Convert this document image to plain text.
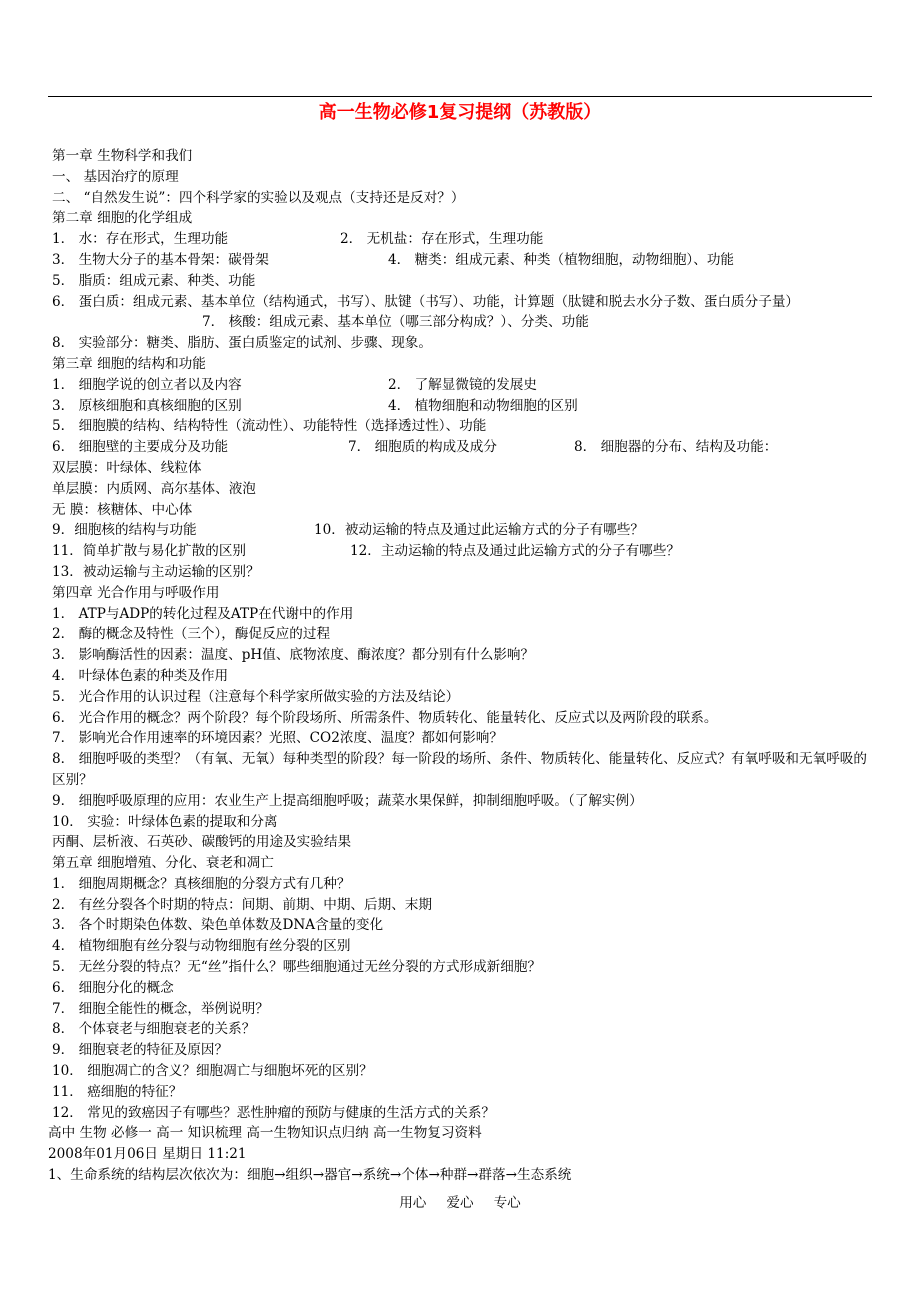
高一生物必修1复习提纲（苏教版）
第一章 生物科学和我们
一、 基因治疗的原理
二、 “自然发生说”：四个科学家的实验以及观点（支持还是反对？）
第二章 细胞的化学组成
1． 水：存在形式，生理功能	2． 无机盐：存在形式，生理功能
3． 生物大分子的基本骨架：碳骨架	4． 糖类：组成元素、种类（植物细胞，动物细胞）、功能
5． 脂质：组成元素、种类、功能
6． 蛋白质：组成元素、基本单位（结构通式，书写）、肽键（书写）、功能，计算题（肽键和脱去水分子数、蛋白质分子量）7． 核酸：组成元素、基本单位（哪三部分构成？）、分类、功能
8． 实验部分：糖类、脂肪、蛋白质鉴定的试剂、步骤、现象。
第三章 细胞的结构和功能
1． 细胞学说的创立者以及内容	2． 了解显微镜的发展史
3． 原核细胞和真核细胞的区别	4． 植物细胞和动物细胞的区别
5． 细胞膜的结构、结构特性（流动性）、功能特性（选择透过性）、功能
6． 细胞壁的主要成分及功能	7． 细胞质的构成及成分	8． 细胞器的分布、结构及功能：
双层膜：叶绿体、线粒体
单层膜：内质网、高尔基体、液泡
无 膜：核糖体、中心体
9．细胞核的结构与功能	10．被动运输的特点及通过此运输方式的分子有哪些？
11．简单扩散与易化扩散的区别	12．主动运输的特点及通过此运输方式的分子有哪些？
13．被动运输与主动运输的区别？
第四章 光合作用与呼吸作用
1． ATP与ADP的转化过程及ATP在代谢中的作用
2． 酶的概念及特性（三个），酶促反应的过程
3． 影响酶活性的因素：温度、pH值、底物浓度、酶浓度？都分别有什么影响？
4． 叶绿体色素的种类及作用
5． 光合作用的认识过程（注意每个科学家所做实验的方法及结论）
6． 光合作用的概念？两个阶段？每个阶段场所、所需条件、物质转化、能量转化、反应式以及两阶段的联系。
7． 影响光合作用速率的环境因素？光照、CO2浓度、温度？都如何影响？
8． 细胞呼吸的类型？（有氧、无氧）每种类型的阶段？每一阶段的场所、条件、物质转化、能量转化、反应式？有氧呼吸和无氧呼吸的区别？
9． 细胞呼吸原理的应用：农业生产上提高细胞呼吸；蔬菜水果保鲜，抑制细胞呼吸。（了解实例）
10． 实验：叶绿体色素的提取和分离
丙酮、层析液、石英砂、碳酸钙的用途及实验结果
第五章 细胞增殖、分化、衰老和凋亡
1． 细胞周期概念？真核细胞的分裂方式有几种？
2． 有丝分裂各个时期的特点：间期、前期、中期、后期、末期
3． 各个时期染色体数、染色单体数及DNA含量的变化
4． 植物细胞有丝分裂与动物细胞有丝分裂的区别
5． 无丝分裂的特点？无“丝”指什么？哪些细胞通过无丝分裂的方式形成新细胞？
6． 细胞分化的概念
7． 细胞全能性的概念，举例说明？
8． 个体衰老与细胞衰老的关系？
9． 细胞衰老的特征及原因？
10． 细胞凋亡的含义？细胞凋亡与细胞坏死的区别？
11． 癌细胞的特征？
12． 常见的致癌因子有哪些？恶性肿瘤的预防与健康的生活方式的关系？
高中 生物 必修一 高一 知识梳理 高一生物知识点归纳 高一生物复习资料
2008年01月06日 星期日 11:21
1、生命系统的结构层次依次为：细胞→组织→器官→系统→个体→种群→群落→生态系统
用心 爱心 专心
